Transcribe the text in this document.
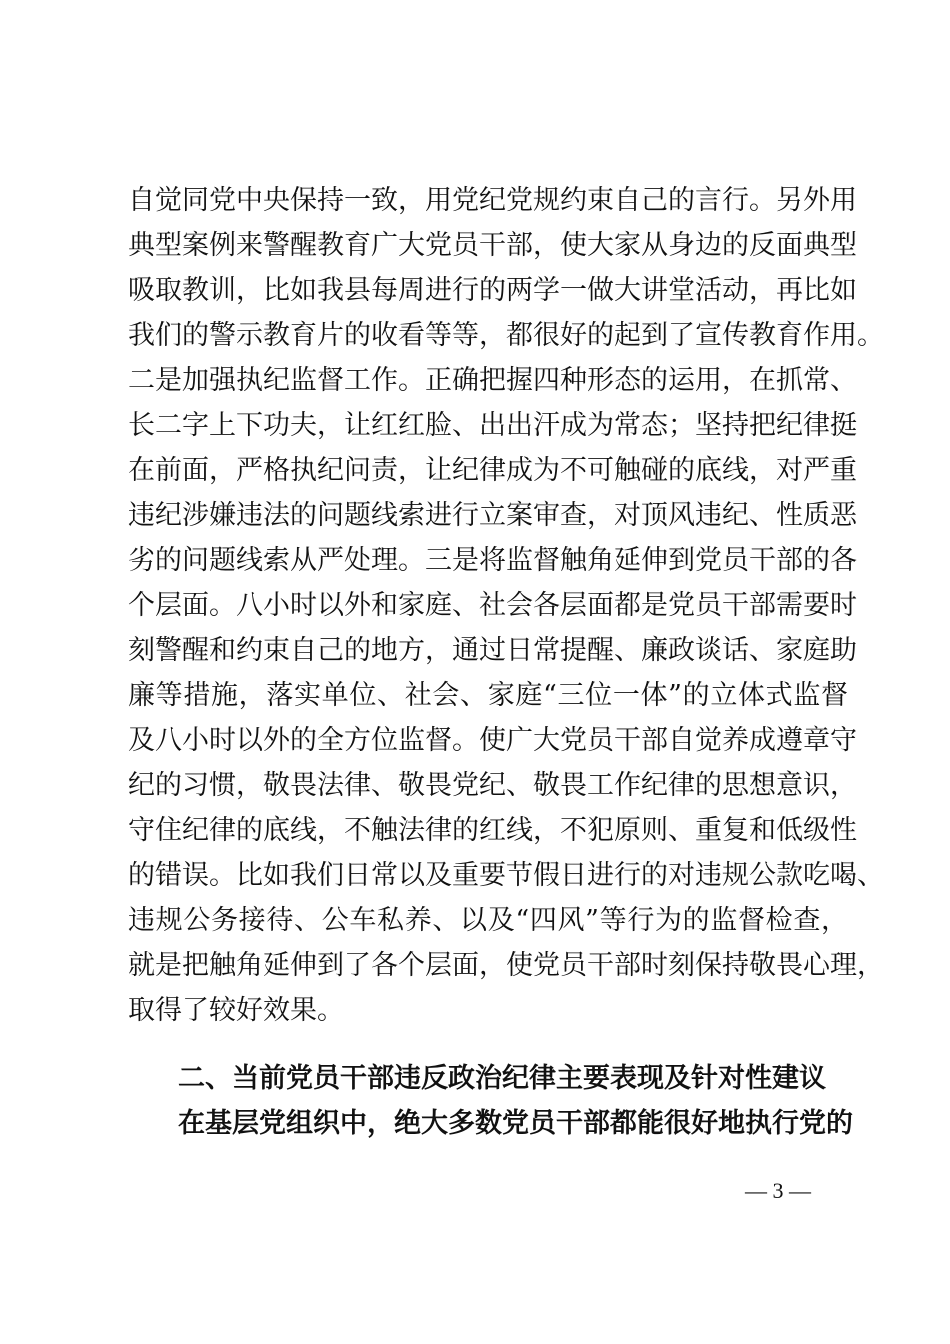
自觉同党中央保持一致，用党纪党规约束自己的言行。另外用
典型案例来警醒教育广大党员干部，使大家从身边的反面典型
吸取教训，比如我县每周进行的两学一做大讲堂活动，再比如
我们的警示教育片的收看等等，都很好的起到了宣传教育作用。
二是加强执纪监督工作。正确把握四种形态的运用，在抓常、
长二字上下功夫，让红红脸、出出汗成为常态；坚持把纪律挺
在前面，严格执纪问责，让纪律成为不可触碰的底线，对严重
违纪涉嫌违法的问题线索进行立案审查，对顶风违纪、性质恶
劣的问题线索从严处理。三是将监督触角延伸到党员干部的各
个层面。八小时以外和家庭、社会各层面都是党员干部需要时
刻警醒和约束自己的地方，通过日常提醒、廉政谈话、家庭助
廉等措施，落实单位、社会、家庭“三位一体”的立体式监督
及八小时以外的全方位监督。使广大党员干部自觉养成遵章守
纪的习惯，敬畏法律、敬畏党纪、敬畏工作纪律的思想意识，
守住纪律的底线，不触法律的红线，不犯原则、重复和低级性
的错误。比如我们日常以及重要节假日进行的对违规公款吃喝、
违规公务接待、公车私养、以及“四风”等行为的监督检查，
就是把触角延伸到了各个层面，使党员干部时刻保持敬畏心理，
取得了较好效果。
二、当前党员干部违反政治纪律主要表现及针对性建议
在基层党组织中，绝大多数党员干部都能很好地执行党的
— 3 —
